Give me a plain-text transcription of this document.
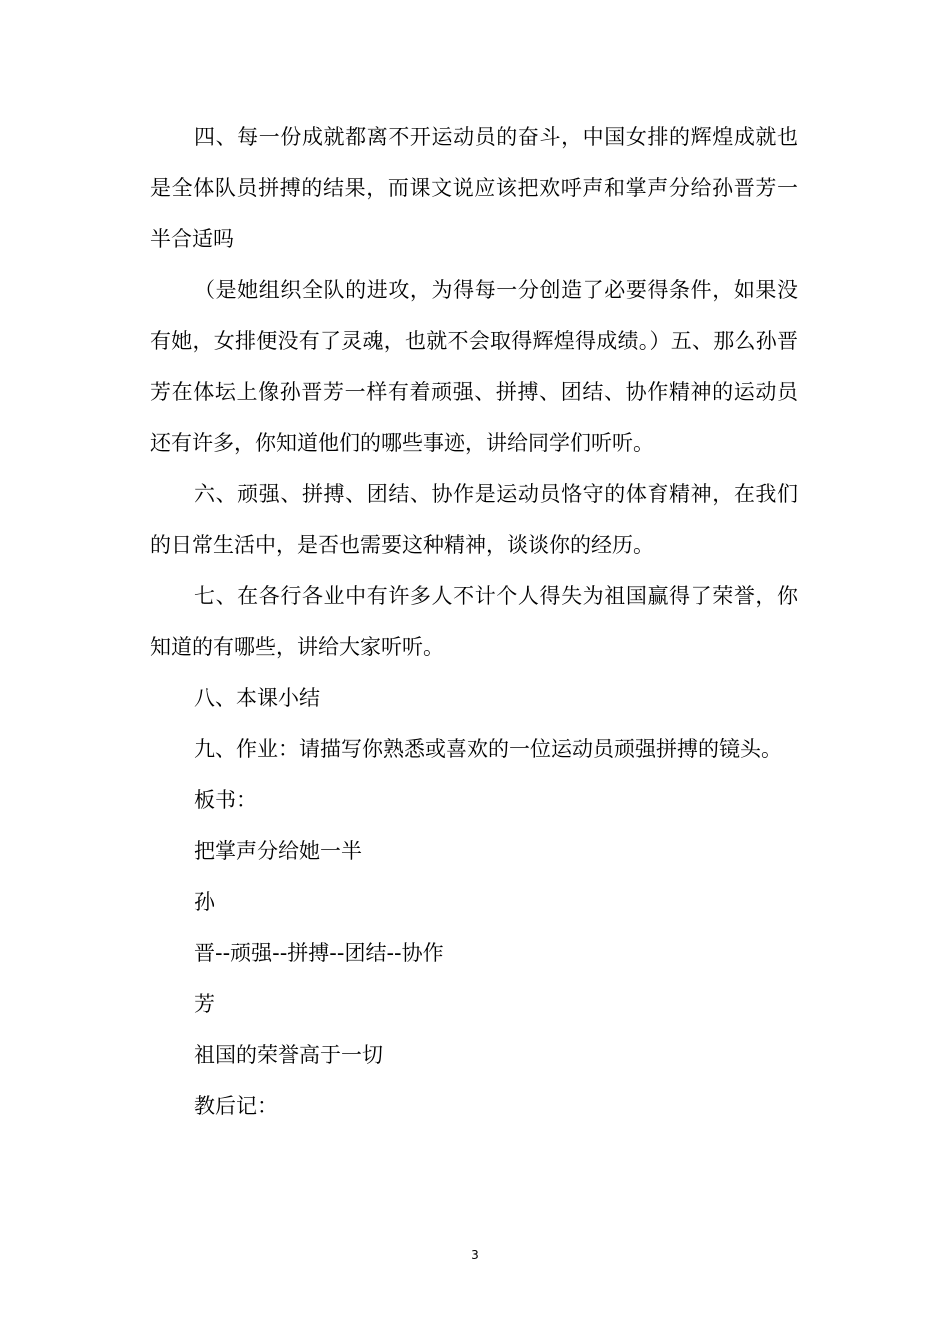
四、每一份成就都离不开运动员的奋斗，中国女排的辉煌成就也是全体队员拼搏的结果，而课文说应该把欢呼声和掌声分给孙晋芳一半合适吗

（是她组织全队的进攻，为得每一分创造了必要得条件，如果没有她，女排便没有了灵魂，也就不会取得辉煌得成绩。）五、那么孙晋芳在体坛上像孙晋芳一样有着顽强、拼搏、团结、协作精神的运动员还有许多，你知道他们的哪些事迹，讲给同学们听听。

六、顽强、拼搏、团结、协作是运动员恪守的体育精神，在我们的日常生活中，是否也需要这种精神，谈谈你的经历。

七、在各行各业中有许多人不计个人得失为祖国赢得了荣誉，你知道的有哪些，讲给大家听听。

八、本课小结

九、作业：请描写你熟悉或喜欢的一位运动员顽强拼搏的镜头。

板书：

把掌声分给她一半

孙

晋--顽强--拼搏--团结--协作

芳

祖国的荣誉高于一切

教后记：

3
